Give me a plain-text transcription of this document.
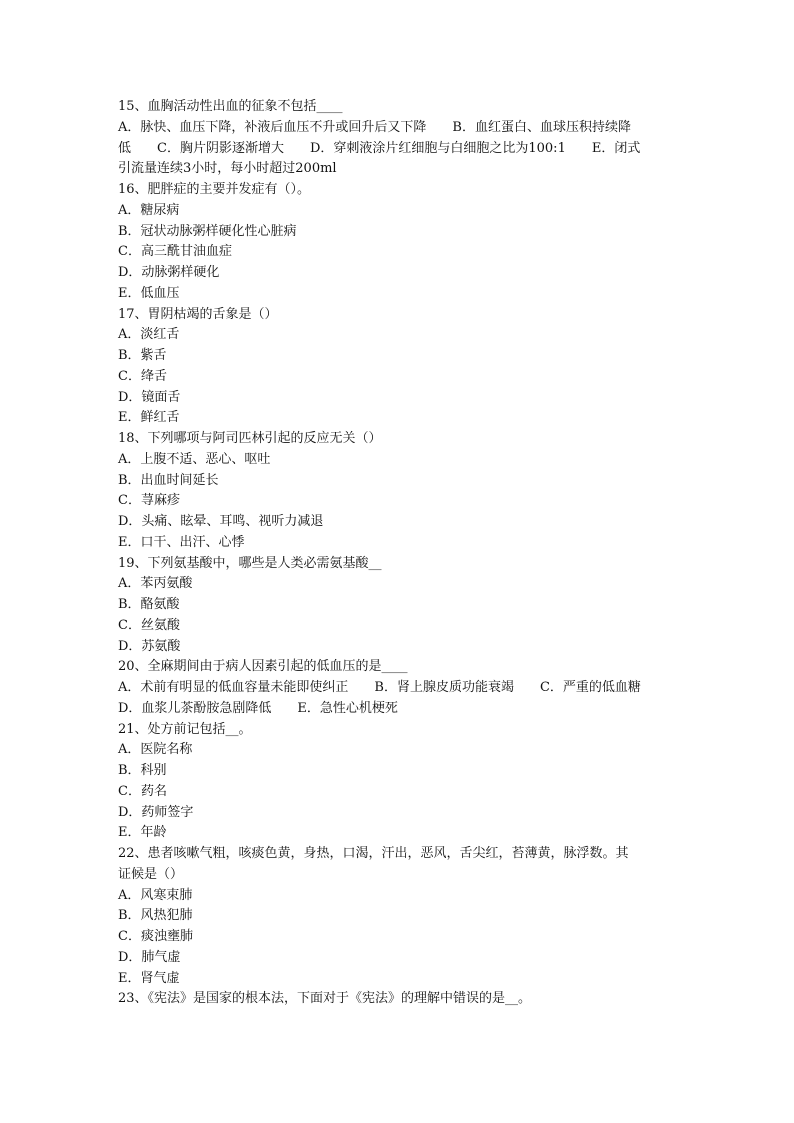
15、血胸活动性出血的征象不包括____
A．脉快、血压下降，补液后血压不升或回升后又下降　　B．血红蛋白、血球压积持续降
低　　C．胸片阴影逐渐增大　　D．穿刺液涂片红细胞与白细胞之比为100:1　　E．闭式
引流量连续3小时，每小时超过200ml
16、肥胖症的主要并发症有（）。
A．糖尿病
B．冠状动脉粥样硬化性心脏病
C．高三酰甘油血症
D．动脉粥样硬化
E．低血压
17、胃阴枯竭的舌象是（）
A．淡红舌
B．紫舌
C．绛舌
D．镜面舌
E．鲜红舌
18、下列哪项与阿司匹林引起的反应无关（）
A．上腹不适、恶心、呕吐
B．出血时间延长
C．荨麻疹
D．头痛、眩晕、耳鸣、视听力减退
E．口干、出汗、心悸
19、下列氨基酸中，哪些是人类必需氨基酸__
A．苯丙氨酸
B．酪氨酸
C．丝氨酸
D．苏氨酸
20、全麻期间由于病人因素引起的低血压的是____
A．术前有明显的低血容量未能即使纠正　　B．肾上腺皮质功能衰竭　　C．严重的低血糖
D．血浆儿茶酚胺急剧降低　　E．急性心机梗死
21、处方前记包括__。
A．医院名称
B．科别
C．药名
D．药师签字
E．年龄
22、患者咳嗽气粗，咳痰色黄，身热，口渴，汗出，恶风，舌尖红，苔薄黄，脉浮数。其
证候是（）
A．风寒束肺
B．风热犯肺
C．痰浊壅肺
D．肺气虚
E．肾气虚
23、《宪法》是国家的根本法，下面对于《宪法》的理解中错误的是__。
